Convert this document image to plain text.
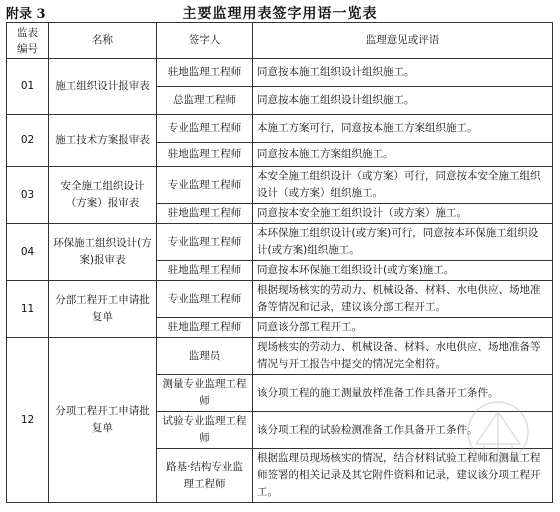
附录 3	主要监理用表签字用语一览表
监表
编号	名称	签字人	监理意见或评语
01	施工组织设计报审表	驻地监理工程师	同意按本施工组织设计组织施工。
		总监理工程师	同意按本施工组织设计组织施工。
02	施工技术方案报审表	专业监理工程师	本施工方案可行，同意按本施工方案组织施工。
		驻地监理工程师	同意按本施工方案组织施工。
03	安全施工组织设计（方案）报审表	专业监理工程师	本安全施工组织设计（或方案）可行，同意按本安全施工组织设计（或方案）组织施工。
		驻地监理工程师	同意按本安全施工组织设计（或方案）施工。
04	环保施工组织设计(方案)报审表	专业监理工程师	本环保施工组织设计(或方案)可行，同意按本环保施工组织设计(或方案)组织施工。
		驻地监理工程师	同意按本环保施工组织设计(或方案)施工。
11	分部工程开工申请批复单	专业监理工程师	根据现场核实的劳动力、机械设备、材料、水电供应、场地准备等情况和记录，建议该分部工程开工。
		驻地监理工程师	同意该分部工程开工。
12	分项工程开工申请批复单	监理员	现场核实的劳动力、机械设备、材料、水电供应、场地准备等情况与开工报告中提交的情况完全相符。
		测量专业监理工程师	该分项工程的施工测量放样准备工作具备开工条件。
		试验专业监理工程师	该分项工程的试验检测准备工作具备开工条件。
		路基·结构专业监理工程师	根据监理员现场核实的情况，结合材料试验工程师和测量工程师签署的相关记录及其它附件资料和记录，建议该分项工程开工。
